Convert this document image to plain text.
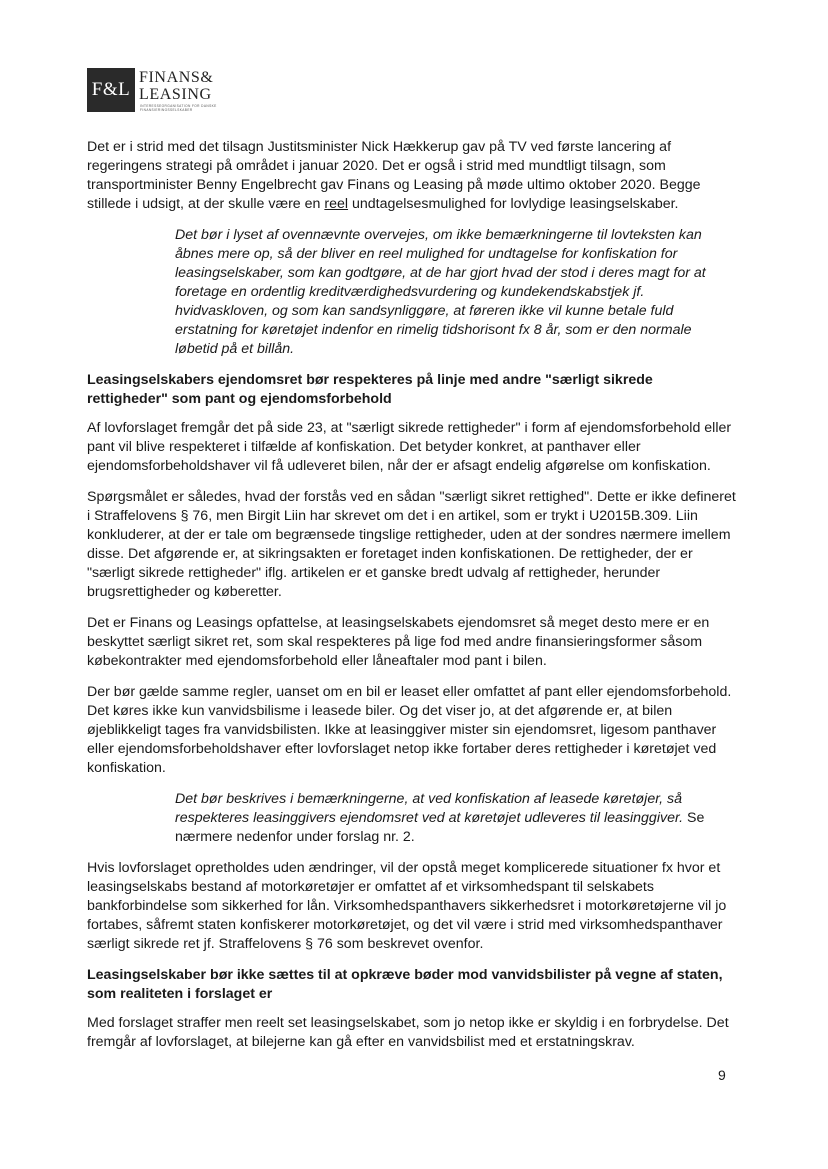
F&L
FINANS&
LEASING
INTERESSEORGANISATION FOR DANSKE FINANSIERINGSSELSKABER

Det er i strid med det tilsagn Justitsminister Nick Hækkerup gav på TV ved første lancering af regeringens strategi på området i januar 2020. Det er også i strid med mundtligt tilsagn, som transportminister Benny Engelbrecht gav Finans og Leasing på møde ultimo oktober 2020. Begge stillede i udsigt, at der skulle være en reel undtagelsesmulighed for lovlydige leasingselskaber.

Det bør i lyset af ovennævnte overvejes, om ikke bemærkningerne til lovteksten kan åbnes mere op, så der bliver en reel mulighed for undtagelse for konfiskation for leasingselskaber, som kan godtgøre, at de har gjort hvad der stod i deres magt for at foretage en ordentlig kreditværdighedsvurdering og kundekendskabstjek jf. hvidvaskloven, og som kan sandsynliggøre, at føreren ikke vil kunne betale fuld erstatning for køretøjet indenfor en rimelig tidshorisont fx 8 år, som er den normale løbetid på et billån.
Leasingselskabers ejendomsret bør respekteres på linje med andre "særligt sikrede rettigheder" som pant og ejendomsforbehold

Af lovforslaget fremgår det på side 23, at "særligt sikrede rettigheder" i form af ejendomsforbehold eller pant vil blive respekteret i tilfælde af konfiskation. Det betyder konkret, at panthaver eller ejendomsforbeholdshaver vil få udleveret bilen, når der er afsagt endelig afgørelse om konfiskation.

Spørgsmålet er således, hvad der forstås ved en sådan "særligt sikret rettighed". Dette er ikke defineret i Straffelovens § 76, men Birgit Liin har skrevet om det i en artikel, som er trykt i U2015B.309. Liin konkluderer, at der er tale om begrænsede tingslige rettigheder, uden at der sondres nærmere imellem disse. Det afgørende er, at sikringsakten er foretaget inden konfiskationen. De rettigheder, der er "særligt sikrede rettigheder" iflg. artikelen er et ganske bredt udvalg af rettigheder, herunder brugsrettigheder og køberetter.

Det er Finans og Leasings opfattelse, at leasingselskabets ejendomsret så meget desto mere er en beskyttet særligt sikret ret, som skal respekteres på lige fod med andre finansieringsformer såsom købekontrakter med ejendomsforbehold eller låneaftaler mod pant i bilen.

Der bør gælde samme regler, uanset om en bil er leaset eller omfattet af pant eller ejendomsforbehold. Det køres ikke kun vanvidsbilisme i leasede biler. Og det viser jo, at det afgørende er, at bilen øjeblikkeligt tages fra vanvidsbilisten. Ikke at leasinggiver mister sin ejendomsret, ligesom panthaver eller ejendomsforbeholdshaver efter lovforslaget netop ikke fortaber deres rettigheder i køretøjet ved konfiskation.

Det bør beskrives i bemærkningerne, at ved konfiskation af leasede køretøjer, så respekteres leasinggivers ejendomsret ved at køretøjet udleveres til leasinggiver. Se nærmere nedenfor under forslag nr. 2.

Hvis lovforslaget opretholdes uden ændringer, vil der opstå meget komplicerede situationer fx hvor et leasingselskabs bestand af motorkøretøjer er omfattet af et virksomhedspant til selskabets bankforbindelse som sikkerhed for lån. Virksomhedspanthavers sikkerhedsret i motorkøretøjerne vil jo fortabes, såfremt staten konfiskerer motorkøretøjet, og det vil være i strid med virksomhedspanthaver særligt sikrede ret jf. Straffelovens § 76 som beskrevet ovenfor.

Leasingselskaber bør ikke sættes til at opkræve bøder mod vanvidsbilister på vegne af staten, som realiteten i forslaget er

Med forslaget straffer men reelt set leasingselskabet, som jo netop ikke er skyldig i en forbrydelse. Det fremgår af lovforslaget, at bilejerne kan gå efter en vanvidsbilist med et erstatningskrav.

9
